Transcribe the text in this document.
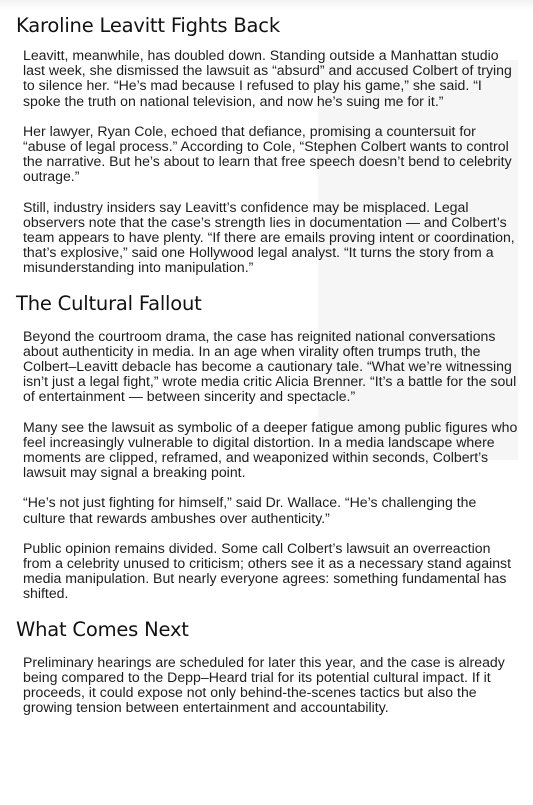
Karoline Leavitt Fights Back

Leavitt, meanwhile, has doubled down. Standing outside a Manhattan studio last week, she dismissed the lawsuit as “absurd” and accused Colbert of trying to silence her. “He’s mad because I refused to play his game,” she said. “I spoke the truth on national television, and now he’s suing me for it.”

Her lawyer, Ryan Cole, echoed that defiance, promising a countersuit for “abuse of legal process.” According to Cole, “Stephen Colbert wants to control the narrative. But he’s about to learn that free speech doesn’t bend to celebrity outrage.”

Still, industry insiders say Leavitt’s confidence may be misplaced. Legal observers note that the case’s strength lies in documentation — and Colbert’s team appears to have plenty. “If there are emails proving intent or coordination, that’s explosive,” said one Hollywood legal analyst. “It turns the story from a misunderstanding into manipulation.”

The Cultural Fallout

Beyond the courtroom drama, the case has reignited national conversations about authenticity in media. In an age when virality often trumps truth, the Colbert–Leavitt debacle has become a cautionary tale. “What we’re witnessing isn’t just a legal fight,” wrote media critic Alicia Brenner. “It’s a battle for the soul of entertainment — between sincerity and spectacle.”

Many see the lawsuit as symbolic of a deeper fatigue among public figures who feel increasingly vulnerable to digital distortion. In a media landscape where moments are clipped, reframed, and weaponized within seconds, Colbert’s lawsuit may signal a breaking point.

“He’s not just fighting for himself,” said Dr. Wallace. “He’s challenging the culture that rewards ambushes over authenticity.”

Public opinion remains divided. Some call Colbert’s lawsuit an overreaction from a celebrity unused to criticism; others see it as a necessary stand against media manipulation. But nearly everyone agrees: something fundamental has shifted.

What Comes Next

Preliminary hearings are scheduled for later this year, and the case is already being compared to the Depp–Heard trial for its potential cultural impact. If it proceeds, it could expose not only behind-the-scenes tactics but also the growing tension between entertainment and accountability.
